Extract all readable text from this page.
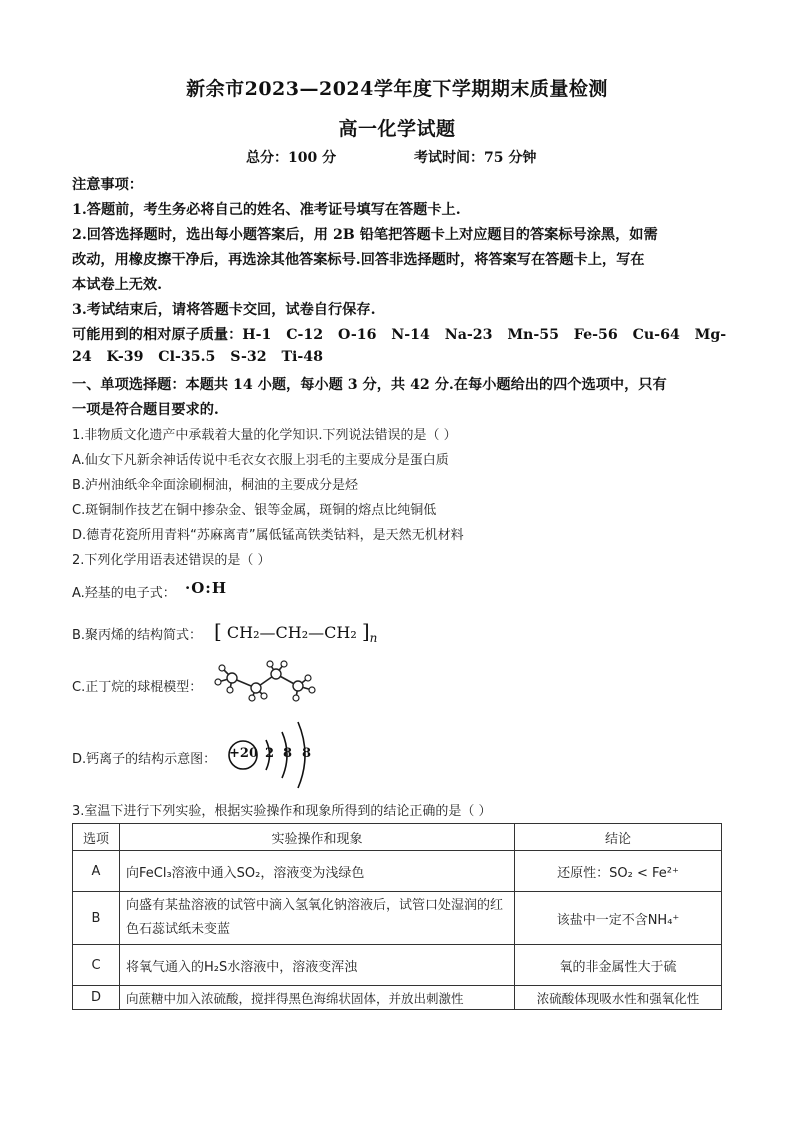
新余市2023—2024学年度下学期期末质量检测
高一化学试题
总分：100 分	考试时间：75 分钟
注意事项：
1.答题前，考生务必将自己的姓名、准考证号填写在答题卡上.
2.回答选择题时，选出每小题答案后，用 2B 铅笔把答题卡上对应题目的答案标号涂黑，如需
改动，用橡皮擦干净后，再选涂其他答案标号.回答非选择题时，将答案写在答题卡上，写在
本试卷上无效.
3.考试结束后，请将答题卡交回，试卷自行保存.
可能用到的相对原子质量：H-1   C-12   O-16   N-14   Na-23   Mn-55   Fe-56   Cu-64   Mg-
24   K-39   Cl-35.5   S-32   Ti-48
一、单项选择题：本题共 14 小题，每小题 3 分，共 42 分.在每小题给出的四个选项中，只有
一项是符合题目要求的.
1.非物质文化遗产中承载着大量的化学知识.下列说法错误的是（ ）
A.仙女下凡新余神话传说中毛衣女衣服上羽毛的主要成分是蛋白质
B.泸州油纸伞伞面涂刷桐油，桐油的主要成分是烃
C.斑铜制作技艺在铜中掺杂金、银等金属，斑铜的熔点比纯铜低
D.德青花瓷所用青料“苏麻离青”属低锰高铁类钴料，是天然无机材料
2.下列化学用语表述错误的是（ ）
A.羟基的电子式： ·O:H
B.聚丙烯的结构简式： [ CH₂—CH₂—CH₂ ]$_n$
C.正丁烷的球棍模型：
D.钙离子的结构示意图： +20 2 8 8
3.室温下进行下列实验，根据实验操作和现象所得到的结论正确的是（ ）
选项	实验操作和现象	结论
A	向FeCl₃溶液中通入SO₂，溶液变为浅绿色	还原性：SO₂ < Fe²⁺
B	向盛有某盐溶液的试管中滴入氢氧化钠溶液后，试管口处湿润的红色石蕊试纸未变蓝	该盐中一定不含NH₄⁺
C	将氧气通入的H₂S水溶液中，溶液变浑浊	氧的非金属性大于硫
D	向蔗糖中加入浓硫酸，搅拌得黑色海绵状固体，并放出刺激性	浓硫酸体现吸水性和强氧化性
